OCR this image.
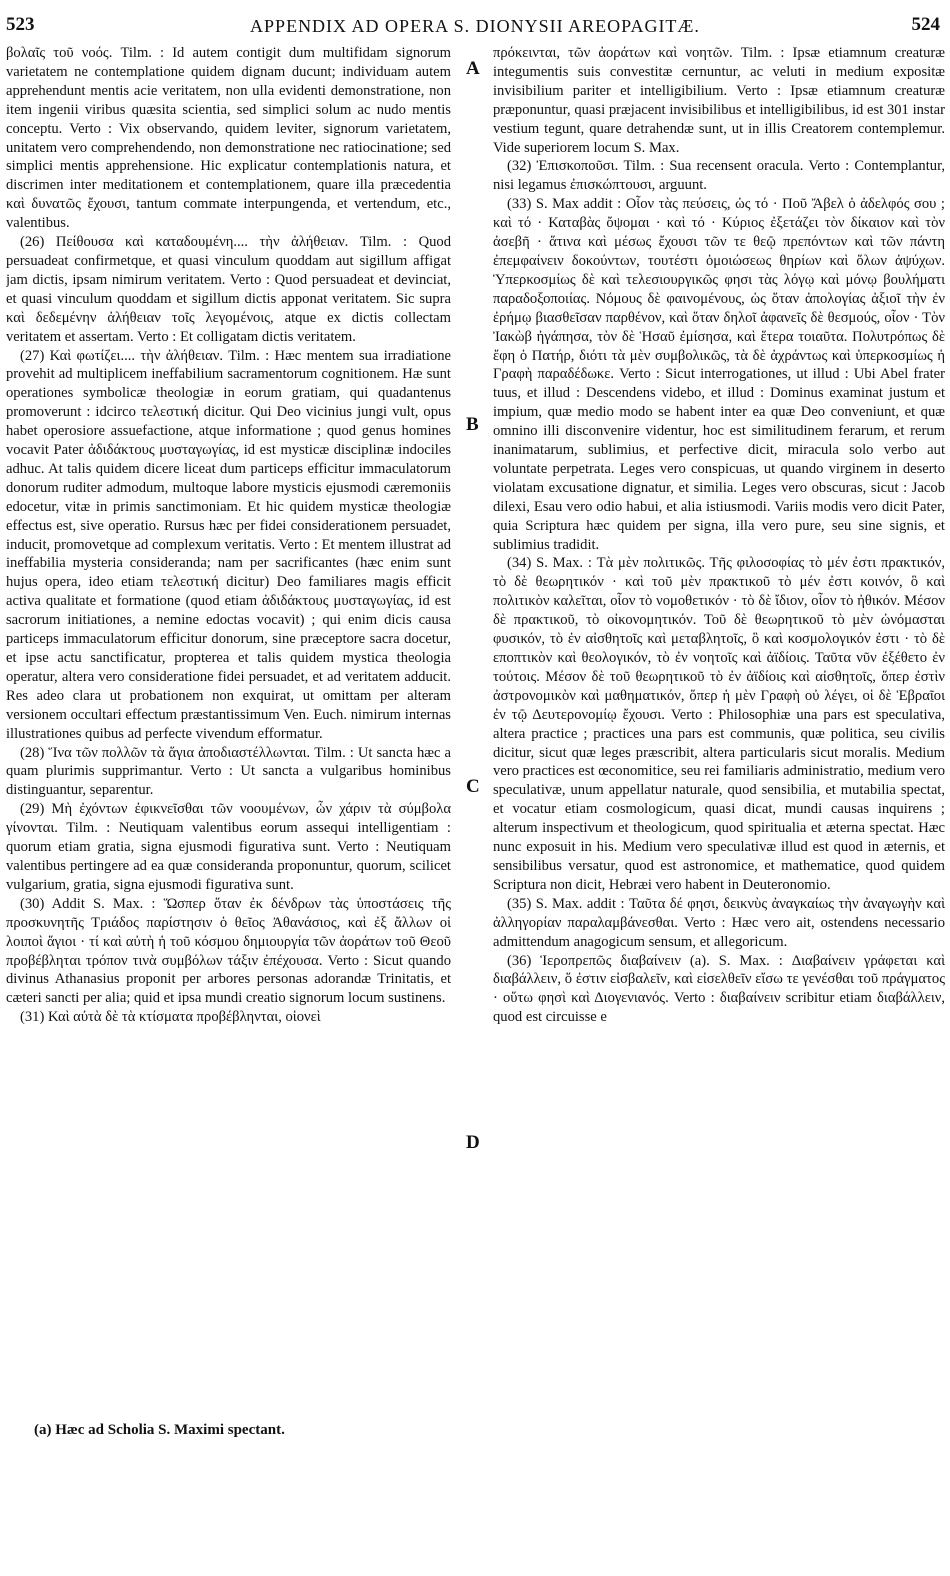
523	APPENDIX AD OPERA S. DIONYSII AREOPAGITÆ.	524

βολαῖς τοῦ νοός. Tilm. : Id autem contigit dum multifidam signorum varietatem ne contemplatione quidem dignam ducunt; individuam autem apprehendunt mentis acie veritatem, non ulla evidenti demonstratione, non item ingenii viribus quæsita scientia, sed simplici solum ac nudo mentis conceptu. Verto : Vix observando, quidem leviter, signorum varietatem, unitatem vero comprehendendo, non demonstratione nec ratiocinatione; sed simplici mentis apprehensione. Hic explicatur contemplationis natura, et discrimen inter meditationem et contemplationem, quare illa præcedentia καὶ δυνατῶς ἔχουσι, tantum commate interpungenda, et vertendum, etc., valentibus.

(26) Πείθουσα καὶ καταδουμένη.... τὴν ἀλήθειαν. Tilm. : Quod persuadeat confirmetque, et quasi vinculum quoddam aut sigillum affigat jam dictis, ipsam nimirum veritatem. Verto : Quod persuadeat et devinciat, et quasi vinculum quoddam et sigillum dictis apponat veritatem. Sic supra καὶ δεδεμένην ἀλήθειαν τοῖς λεγομένοις, atque ex dictis collectam veritatem et assertam. Verto : Et colligatam dictis veritatem.

(27) Καὶ φωτίζει.... τὴν ἀλήθειαν. Tilm. : Hæc mentem sua irradiatione provehit ad multiplicem ineffabilium sacramentorum cognitionem. Hæ sunt operationes symbolicæ theologiæ in eorum gratiam, qui quadantenus promoverunt : idcirco τελεστική dicitur. Qui Deo vicinius jungi vult, opus habet operosiore assuefactione, atque informatione ; quod genus homines vocavit Pater ἀδιδάκτους μυσταγωγίας, id est mysticæ disciplinæ indociles adhuc. At talis quidem dicere liceat dum particeps efficitur immaculatorum donorum ruditer admodum, multoque labore mysticis ejusmodi cæremoniis edocetur, vitæ in primis sanctimoniam. Et hic quidem mysticæ theologiæ effectus est, sive operatio. Rursus hæc per fidei considerationem persuadet, inducit, promovetque ad complexum veritatis. Verto : Et mentem illustrat ad ineffabilia mysteria consideranda; nam per sacrificantes (hæc enim sunt hujus opera, ideo etiam τελεστική dicitur) Deo familiares magis efficit activa qualitate et formatione (quod etiam ἀδιδάκτους μυσταγωγίας, id est sacrorum initiationes, a nemine edoctas vocavit) ; qui enim dicis causa particeps immaculatorum efficitur donorum, sine præceptore sacra docetur, et ipse actu sanctificatur, propterea et talis quidem mystica theologia operatur, altera vero consideratione fidei persuadet, et ad veritatem adducit. Res adeo clara ut probationem non exquirat, ut omittam per alteram versionem occultari effectum præstantissimum Ven. Euch. nimirum internas illustrationes quibus ad perfecte vivendum efformatur.

(28) Ἵνα τῶν πολλῶν τὰ ἅγια ἀποδιαστέλλωνται. Tilm. : Ut sancta hæc a quam plurimis supprimantur. Verto : Ut sancta a vulgaribus hominibus distinguantur, separentur.

(29) Μὴ ἐχόντων ἐφικνεῖσθαι τῶν νοουμένων, ὧν χάριν τὰ σύμβολα γίνονται. Tilm. : Neutiquam valentibus eorum assequi intelligentiam : quorum etiam gratia, signa ejusmodi figurativa sunt. Verto : Neutiquam valentibus pertingere ad ea quæ consideranda proponuntur, quorum, scilicet vulgarium, gratia, signa ejusmodi figurativa sunt.

(30) Addit S. Max. : Ὥσπερ ὅταν ἐκ δένδρων τὰς ὑποστάσεις τῆς προσκυνητῆς Τριάδος παρίστησιν ὁ θεῖος Ἀθανάσιος, καὶ ἐξ ἄλλων οἱ λοιποὶ ἅγιοι · τί καὶ αὐτὴ ἡ τοῦ κόσμου δημιουργία τῶν ἀοράτων τοῦ Θεοῦ προβέβληται τρόπον τινὰ συμβόλων τάξιν ἐπέχουσα. Verto : Sicut quando divinus Athanasius proponit per arbores personas adorandæ Trinitatis, et cæteri sancti per alia; quid et ipsa mundi creatio signorum locum sustinens.

(31) Καὶ αὐτὰ δὲ τὰ κτίσματα προβέβληνται, οἱονεὶ

A
B
C
D

πρόκεινται, τῶν ἀοράτων καὶ νοητῶν. Tilm. : Ipsæ etiamnum creaturæ integumentis suis convestitæ cernuntur, ac veluti in medium expositæ invisibilium pariter et intelligibilium. Verto : Ipsæ etiamnum creaturæ præponuntur, quasi præjacent invisibilibus et intelligibilibus, id est 301 instar vestium tegunt, quare detrahendæ sunt, ut in illis Creatorem contemplemur. Vide superiorem locum S. Max.

(32) Ἐπισκοποῦσι. Tilm. : Sua recensent oracula. Verto : Contemplantur, nisi legamus ἐπισκώπτουσι, arguunt.

(33) S. Max addit : Οἷον τὰς πεύσεις, ὡς τό · Ποῦ Ἄβελ ὁ ἀδελφός σου ; καὶ τό · Καταβὰς ὄψομαι · καὶ τό · Κύριος ἐξετάζει τὸν δίκαιον καὶ τὸν ἀσεβῆ · ἅτινα καὶ μέσως ἔχουσι τῶν τε θεῷ πρεπόντων καὶ τῶν πάντη ἐπεμφαίνειν δοκούντων, τουτέστι ὁμοιώσεως θηρίων καὶ ὅλων ἀψύχων. Ὑπερκοσμίως δὲ καὶ τελεσιουργικῶς φησι τὰς λόγῳ καὶ μόνῳ βουλήματι παραδοξοποιίας. Νόμους δὲ φαινομένους, ὡς ὅταν ἀπολογίας ἀξιοῖ τὴν ἐν ἐρήμῳ βιασθεῖσαν παρθένον, καὶ ὅταν δηλοῖ ἀφανεῖς δὲ θεσμούς, οἷον · Τὸν Ἰακὼβ ἠγάπησα, τὸν δὲ Ἡσαῦ ἐμίσησα, καὶ ἕτερα τοιαῦτα. Πολυτρόπως δὲ ἔφη ὁ Πατήρ, διότι τὰ μὲν συμβολικῶς, τὰ δὲ ἀχράντως καὶ ὑπερκοσμίως ἡ Γραφὴ παραδέδωκε. Verto : Sicut interrogationes, ut illud : Ubi Abel frater tuus, et illud : Descendens videbo, et illud : Dominus examinat justum et impium, quæ medio modo se habent inter ea quæ Deo conveniunt, et quæ omnino illi disconvenire videntur, hoc est similitudinem ferarum, et rerum inanimatarum, sublimius, et perfective dicit, miracula solo verbo aut voluntate perpetrata. Leges vero conspicuas, ut quando virginem in deserto violatam excusatione dignatur, et similia. Leges vero obscuras, sicut : Jacob dilexi, Esau vero odio habui, et alia istiusmodi. Variis modis vero dicit Pater, quia Scriptura hæc quidem per signa, illa vero pure, seu sine signis, et sublimius tradidit.

(34) S. Max. : Τὰ μὲν πολιτικῶς. Τῆς φιλοσοφίας τὸ μέν ἐστι πρακτικόν, τὸ δὲ θεωρητικόν · καὶ τοῦ μὲν πρακτικοῦ τὸ μέν ἐστι κοινόν, ὃ καὶ πολιτικὸν καλεῖται, οἷον τὸ νομοθετικόν · τὸ δὲ ἴδιον, οἷον τὸ ἠθικόν. Μέσον δὲ πρακτικοῦ, τὸ οἰκονομητικόν. Τοῦ δὲ θεωρητικοῦ τὸ μὲν ὠνόμασται φυσικόν, τὸ ἐν αἰσθητοῖς καὶ μεταβλητοῖς, ὃ καὶ κοσμολογικόν ἐστι · τὸ δὲ εποπτικὸν καὶ θεολογικόν, τὸ ἐν νοητοῖς καὶ ἀϊδίοις. Ταῦτα νῦν ἐξέθετο ἐν τούτοις. Μέσον δὲ τοῦ θεωρητικοῦ τὸ ἐν ἀϊδίοις καὶ αἰσθητοῖς, ὅπερ ἐστὶν ἀστρονομικὸν καὶ μαθηματικόν, ὅπερ ἡ μὲν Γραφὴ οὐ λέγει, οἱ δὲ Ἑβραῖοι ἐν τῷ Δευτερονομίῳ ἔχουσι. Verto : Philosophiæ una pars est speculativa, altera practice ; practices una pars est communis, quæ politica, seu civilis dicitur, sicut quæ leges præscribit, altera particularis sicut moralis. Medium vero practices est œconomitice, seu rei familiaris administratio, medium vero speculativæ, unum appellatur naturale, quod sensibilia, et mutabilia spectat, et vocatur etiam cosmologicum, quasi dicat, mundi causas inquirens ; alterum inspectivum et theologicum, quod spiritualia et æterna spectat. Hæc nunc exposuit in his. Medium vero speculativæ illud est quod in æternis, et sensibilibus versatur, quod est astronomice, et mathematice, quod quidem Scriptura non dicit, Hebræi vero habent in Deuteronomio.

(35) S. Max. addit : Ταῦτα δέ φησι, δεικνὺς ἀναγκαίως τὴν ἀναγωγὴν καὶ ἀλληγορίαν παραλαμβάνεσθαι. Verto : Hæc vero ait, ostendens necessario admittendum anagogicum sensum, et allegoricum.

(36) Ἱεροπρεπῶς διαβαίνειν (a). S. Max. : Διαβαίνειν γράφεται καὶ διαβάλλειν, ὅ ἐστιν εἰσβαλεῖν, καὶ εἰσελθεῖν εἴσω τε γενέσθαι τοῦ πράγματος · οὕτω φησὶ καὶ Διογενιανός. Verto : διαβαίνειν scribitur etiam διαβάλλειν, quod est circuisse e

(a) Hæc ad Scholia S. Maximi spectant.
